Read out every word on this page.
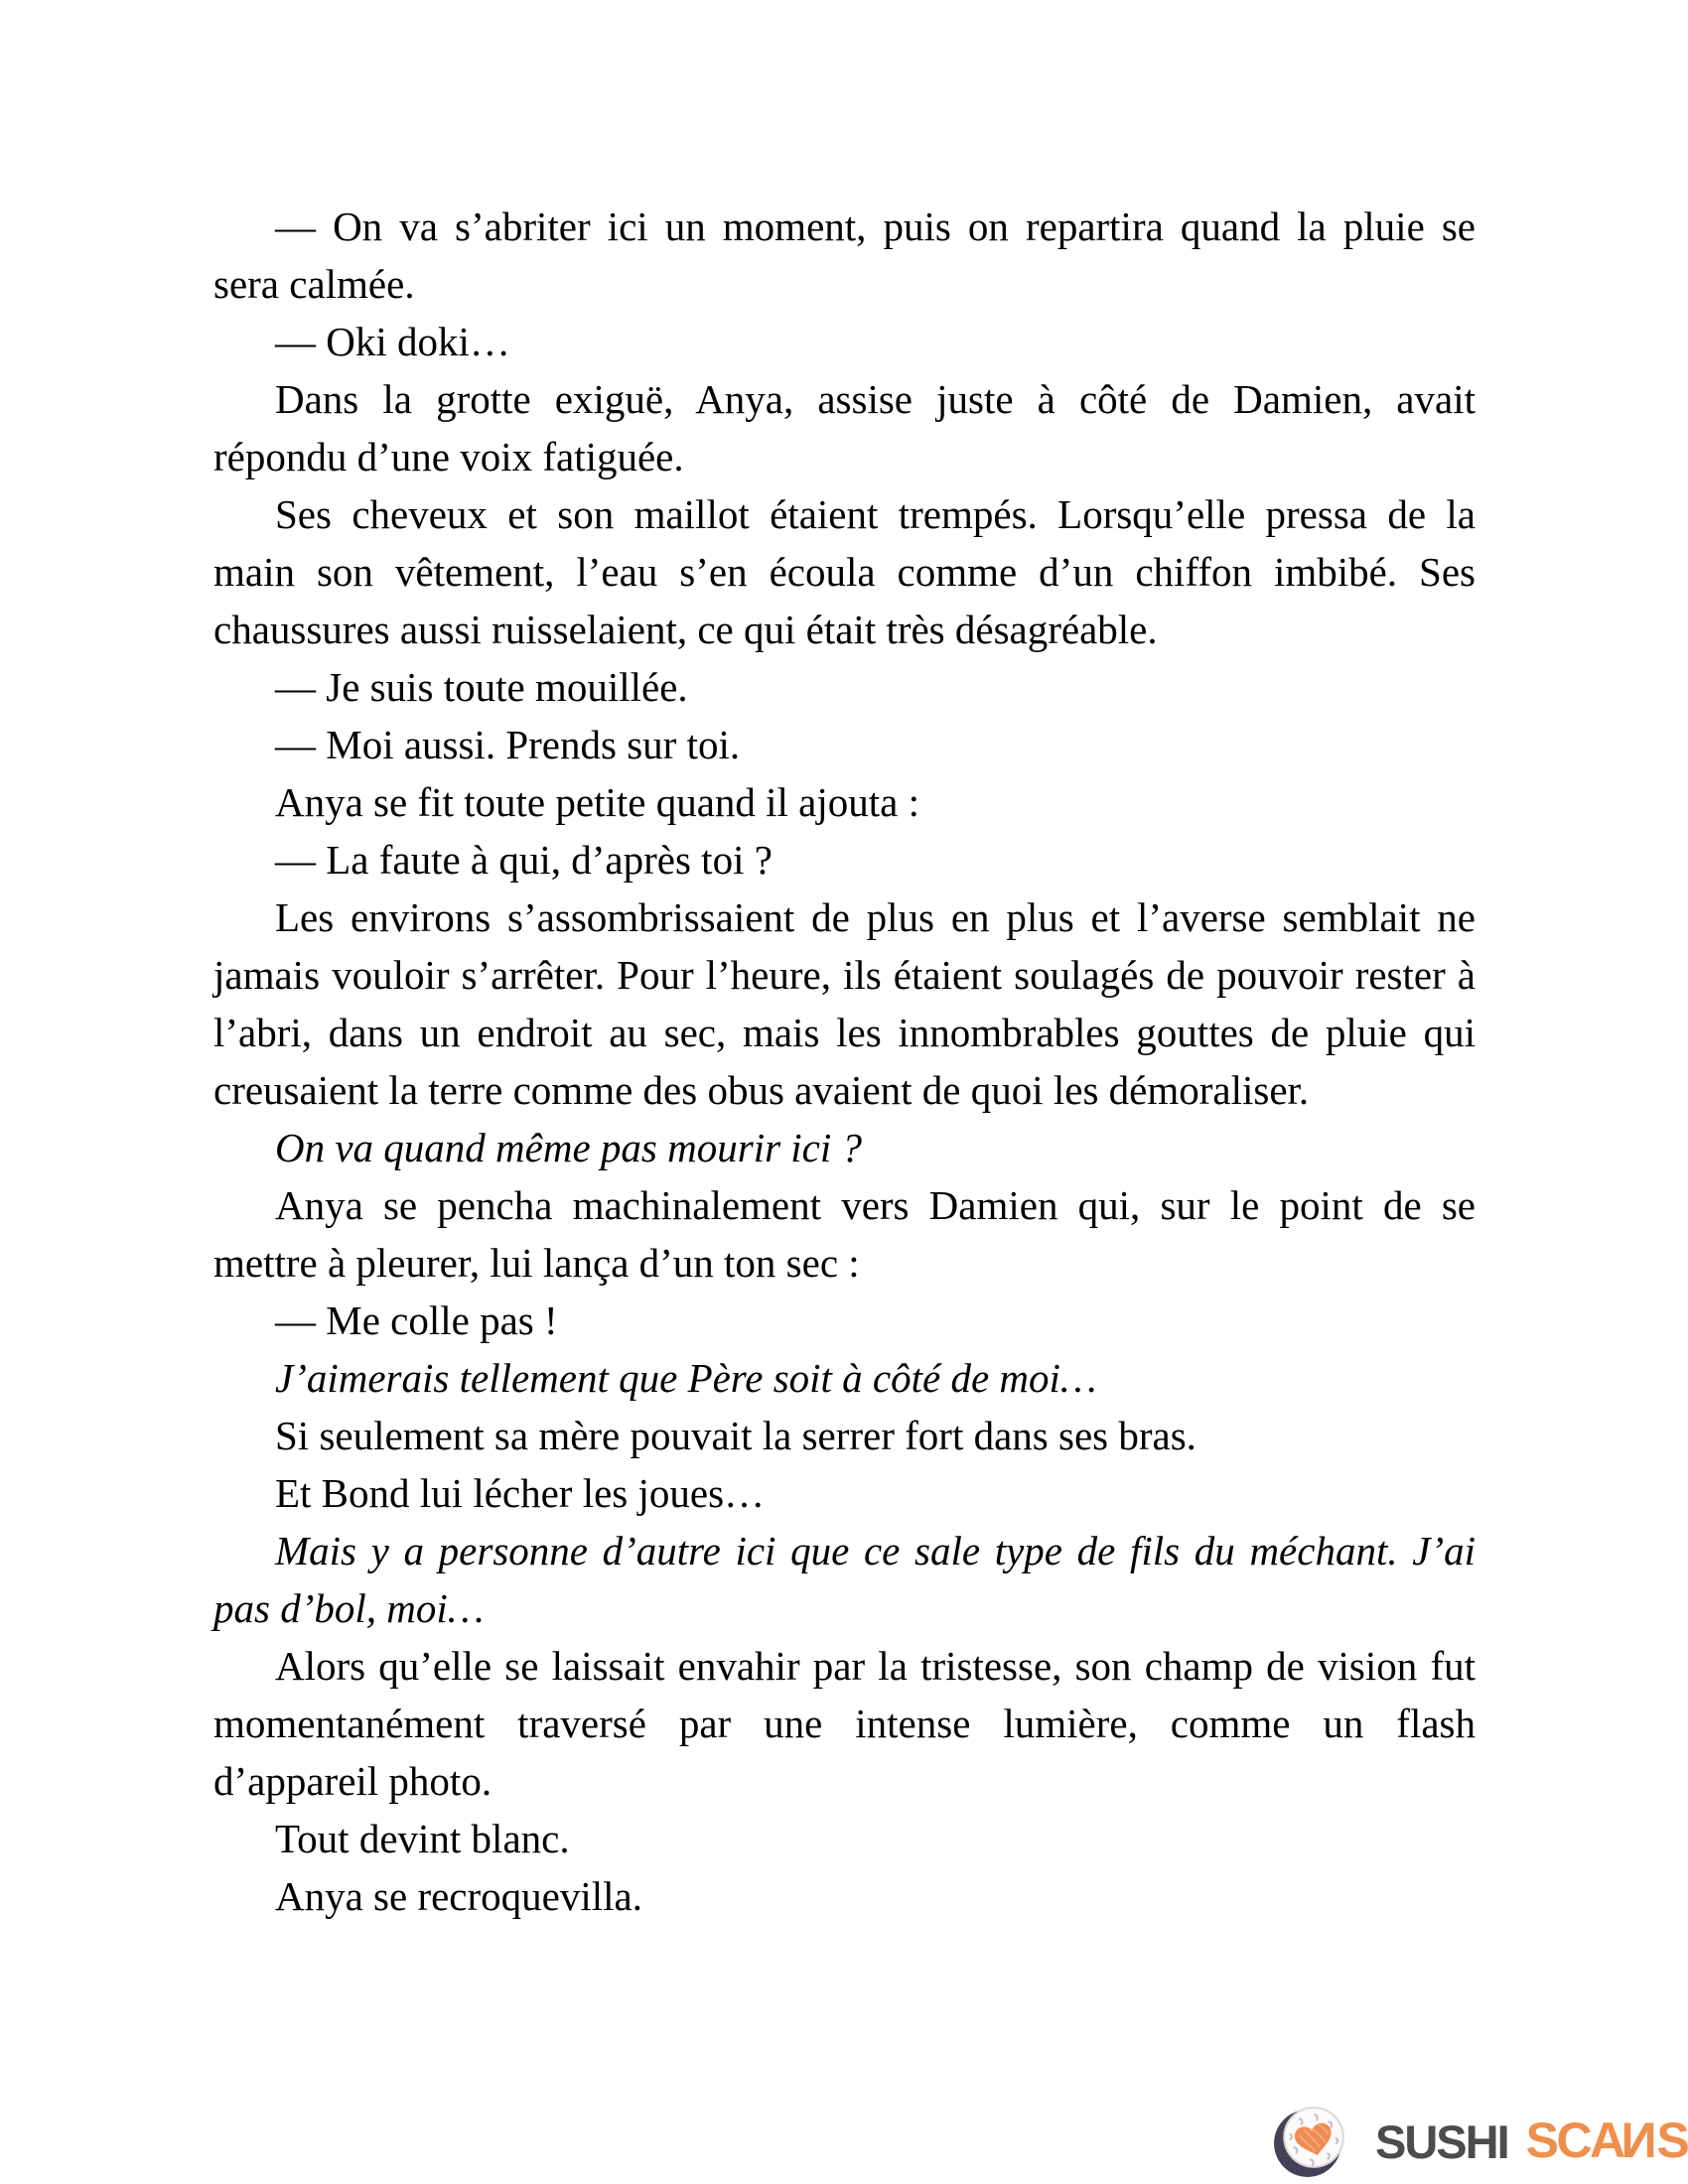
— On va s’abriter ici un moment, puis on repartira quand la pluie se
sera calmée.
— Oki doki…
Dans la grotte exiguë, Anya, assise juste à côté de Damien, avait
répondu d’une voix fatiguée.
Ses cheveux et son maillot étaient trempés. Lorsqu’elle pressa de la
main son vêtement, l’eau s’en écoula comme d’un chiffon imbibé. Ses
chaussures aussi ruisselaient, ce qui était très désagréable.
— Je suis toute mouillée.
— Moi aussi. Prends sur toi.
Anya se fit toute petite quand il ajouta :
— La faute à qui, d’après toi ?
Les environs s’assombrissaient de plus en plus et l’averse semblait ne
jamais vouloir s’arrêter. Pour l’heure, ils étaient soulagés de pouvoir rester à
l’abri, dans un endroit au sec, mais les innombrables gouttes de pluie qui
creusaient la terre comme des obus avaient de quoi les démoraliser.
On va quand même pas mourir ici ?
Anya se pencha machinalement vers Damien qui, sur le point de se
mettre à pleurer, lui lança d’un ton sec :
— Me colle pas !
J’aimerais tellement que Père soit à côté de moi…
Si seulement sa mère pouvait la serrer fort dans ses bras.
Et Bond lui lécher les joues…
Mais y a personne d’autre ici que ce sale type de fils du méchant. J’ai
pas d’bol, moi…
Alors qu’elle se laissait envahir par la tristesse, son champ de vision fut
momentanément traversé par une intense lumière, comme un flash
d’appareil photo.
Tout devint blanc.
Anya se recroquevilla.
SUSHI SCANS
